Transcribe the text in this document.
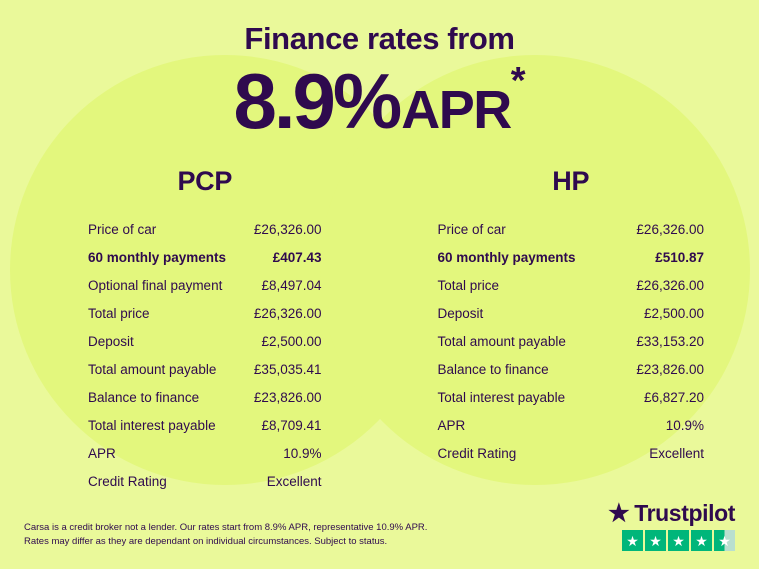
Finance rates from
8.9%APR*
PCP
Price of car	£26,326.00
60 monthly payments	£407.43
Optional final payment	£8,497.04
Total price	£26,326.00
Deposit	£2,500.00
Total amount payable	£35,035.41
Balance to finance	£23,826.00
Total interest payable	£8,709.41
APR	10.9%
Credit Rating	Excellent
HP
Price of car	£26,326.00
60 monthly payments	£510.87
Total price	£26,326.00
Deposit	£2,500.00
Total amount payable	£33,153.20
Balance to finance	£23,826.00
Total interest payable	£6,827.20
APR	10.9%
Credit Rating	Excellent
Carsa is a credit broker not a lender. Our rates start from 8.9% APR, representative 10.9% APR.
Rates may differ as they are dependant on individual circumstances. Subject to status.
★ Trustpilot
★ ★ ★ ★ ★
